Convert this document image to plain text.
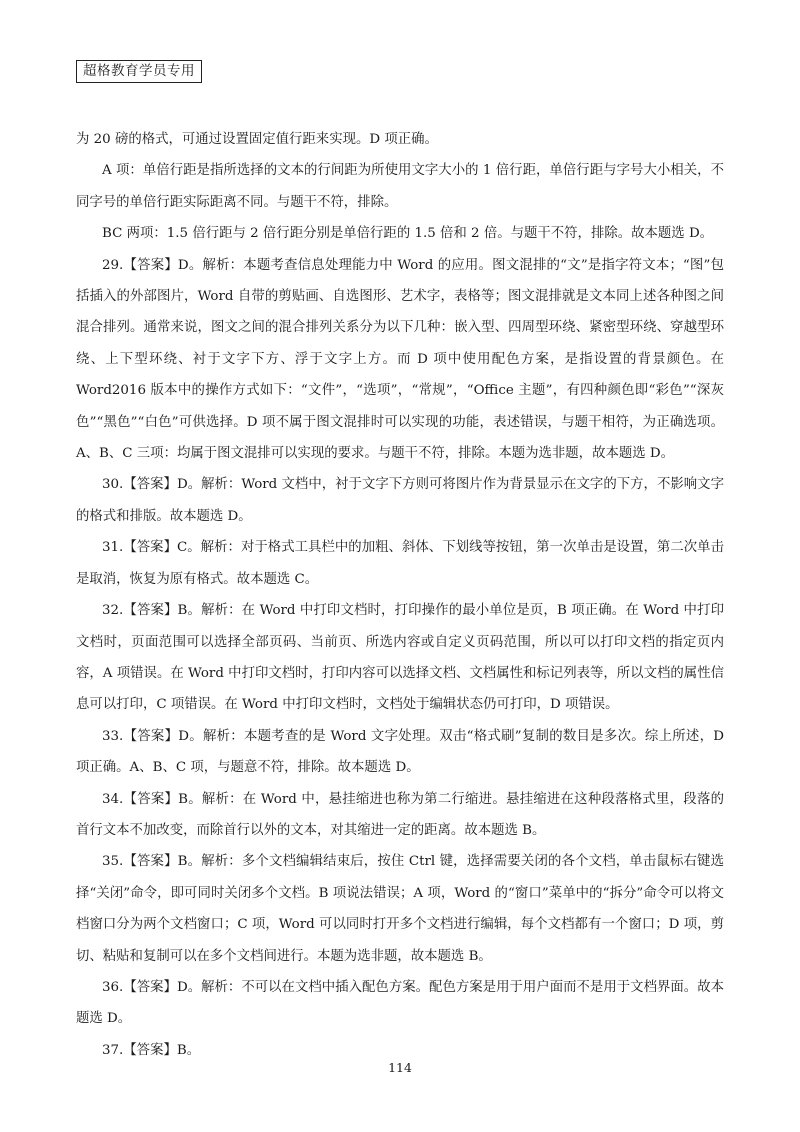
超格教育学员专用

为 20 磅的格式，可通过设置固定值行距来实现。D 项正确。

A 项：单倍行距是指所选择的文本的行间距为所使用文字大小的 1 倍行距，单倍行距与字号大小相关，不同字号的单倍行距实际距离不同。与题干不符，排除。

BC 两项：1.5 倍行距与 2 倍行距分别是单倍行距的 1.5 倍和 2 倍。与题干不符，排除。故本题选 D。

29.【答案】D。解析：本题考查信息处理能力中 Word 的应用。图文混排的“文”是指字符文本；“图”包括插入的外部图片，Word 自带的剪贴画、自选图形、艺术字，表格等；图文混排就是文本同上述各种图之间混合排列。通常来说，图文之间的混合排列关系分为以下几种：嵌入型、四周型环绕、紧密型环绕、穿越型环绕、上下型环绕、衬于文字下方、浮于文字上方。而 D 项中使用配色方案，是指设置的背景颜色。在 Word2016 版本中的操作方式如下：“文件”，“选项”，“常规”，“Office 主题”，有四种颜色即“彩色”“深灰色”“黑色”“白色”可供选择。D 项不属于图文混排时可以实现的功能，表述错误，与题干相符，为正确选项。A、B、C 三项：均属于图文混排可以实现的要求。与题干不符，排除。本题为选非题，故本题选 D。

30.【答案】D。解析：Word 文档中，衬于文字下方则可将图片作为背景显示在文字的下方，不影响文字的格式和排版。故本题选 D。

31.【答案】C。解析：对于格式工具栏中的加粗、斜体、下划线等按钮，第一次单击是设置，第二次单击是取消，恢复为原有格式。故本题选 C。

32.【答案】B。解析：在 Word 中打印文档时，打印操作的最小单位是页，B 项正确。在 Word 中打印文档时，页面范围可以选择全部页码、当前页、所选内容或自定义页码范围，所以可以打印文档的指定页内容，A 项错误。在 Word 中打印文档时，打印内容可以选择文档、文档属性和标记列表等，所以文档的属性信息可以打印，C 项错误。在 Word 中打印文档时，文档处于编辑状态仍可打印，D 项错误。

33.【答案】D。解析：本题考查的是 Word 文字处理。双击“格式刷”复制的数目是多次。综上所述，D 项正确。A、B、C 项，与题意不符，排除。故本题选 D。

34.【答案】B。解析：在 Word 中，悬挂缩进也称为第二行缩进。悬挂缩进在这种段落格式里，段落的首行文本不加改变，而除首行以外的文本，对其缩进一定的距离。故本题选 B。

35.【答案】B。解析：多个文档编辑结束后，按住 Ctrl 键，选择需要关闭的各个文档，单击鼠标右键选择“关闭”命令，即可同时关闭多个文档。B 项说法错误；A 项，Word 的“窗口”菜单中的“拆分”命令可以将文档窗口分为两个文档窗口；C 项，Word 可以同时打开多个文档进行编辑，每个文档都有一个窗口；D 项，剪切、粘贴和复制可以在多个文档间进行。本题为选非题，故本题选 B。

36.【答案】D。解析：不可以在文档中插入配色方案。配色方案是用于用户面而不是用于文档界面。故本题选 D。

37.【答案】B。

114
